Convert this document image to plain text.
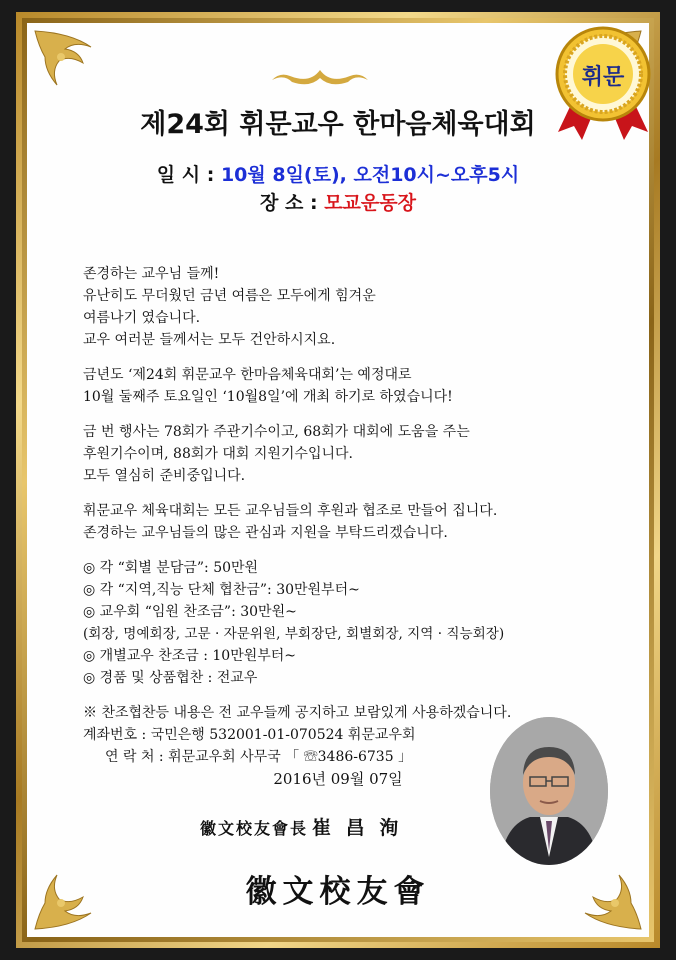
휘문
제24회 휘문교우 한마음체육대회
일 시 : 10월 8일(토), 오전10시~오후5시
장 소 : 모교운동장
존경하는 교우님 들께!
유난히도 무더웠던 금년 여름은 모두에게 힘겨운
여름나기 였습니다.
교우 여러분 들께서는 모두 건안하시지요.
금년도 ‘제24회 휘문교우 한마음체육대회’는 예정대로
10월 둘째주 토요일인 ‘10월8일’에 개최 하기로 하였습니다!
금 번 행사는 78회가 주관기수이고, 68회가 대회에 도움을 주는
후원기수이며, 88회가 대회 지원기수입니다.
모두 열심히 준비중입니다.
휘문교우 체육대회는 모든 교우님들의 후원과 협조로 만들어 집니다.
존경하는 교우님들의 많은 관심과 지원을 부탁드리겠습니다.
◎ 각 “회별 분담금”: 50만원
◎ 각 “지역,직능 단체 협찬금”: 30만원부터~
◎ 교우회 “임원 찬조금”: 30만원~
(회장, 명예회장, 고문 · 자문위원, 부회장단, 회별회장, 지역 · 직능회장)
◎ 개별교우 찬조금 : 10만원부터~
◎ 경품 및 상품협찬 : 전교우
※ 찬조협찬등 내용은 전 교우들께 공지하고 보람있게 사용하겠습니다.
계좌번호 : 국민은행 532001-01-070524 휘문교우회
연 락 처 : 휘문교우회 사무국 「 ☏3486-6735 」
2016년 09월 07일
徽文校友會長 崔 昌 洵
徽文校友會
